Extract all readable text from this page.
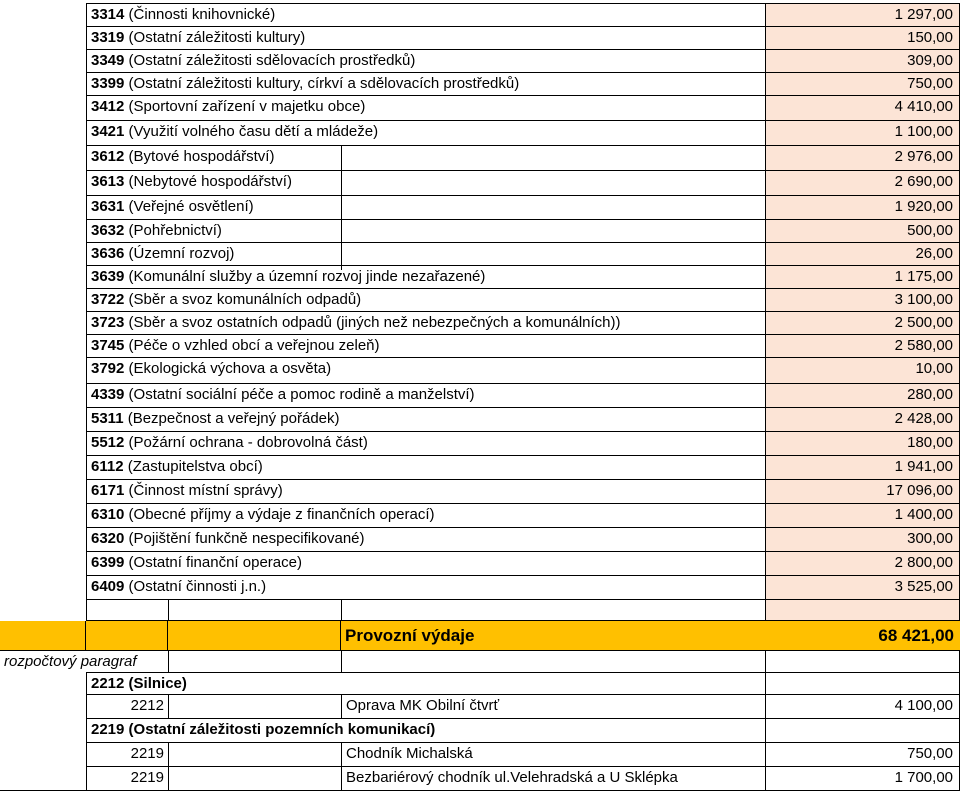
3314 (Činnosti knihovnické)	1 297,00
3319 (Ostatní záležitosti kultury)	150,00
3349 (Ostatní záležitosti sdělovacích prostředků)	309,00
3399 (Ostatní záležitosti kultury, církví a sdělovacích prostředků)	750,00
3412 (Sportovní zařízení v majetku obce)	4 410,00
3421 (Využití volného času dětí a mládeže)	1 100,00
3612 (Bytové hospodářství)	2 976,00
3613 (Nebytové hospodářství)	2 690,00
3631 (Veřejné osvětlení)	1 920,00
3632 (Pohřebnictví)	500,00
3636 (Územní rozvoj)	26,00
3639 (Komunální služby a územní rozvoj jinde nezařazené)	1 175,00
3722 (Sběr a svoz komunálních odpadů)	3 100,00
3723 (Sběr a svoz ostatních odpadů (jiných než nebezpečných a komunálních))	2 500,00
3745 (Péče o vzhled obcí a veřejnou zeleň)	2 580,00
3792 (Ekologická výchova a osvěta)	10,00
4339 (Ostatní sociální péče a pomoc rodině a manželství)	280,00
5311 (Bezpečnost a veřejný pořádek)	2 428,00
5512 (Požární ochrana - dobrovolná část)	180,00
6112 (Zastupitelstva obcí)	1 941,00
6171 (Činnost místní správy)	17 096,00
6310 (Obecné příjmy a výdaje z finančních operací)	1 400,00
6320 (Pojištění funkčně nespecifikované)	300,00
6399 (Ostatní finanční operace)	2 800,00
6409 (Ostatní činnosti j.n.)	3 525,00
Provozní výdaje	68 421,00
rozpočtový paragraf
2212 (Silnice)
2212	Oprava MK Obilní čtvrť	4 100,00
2219 (Ostatní záležitosti pozemních komunikací)
2219	Chodník Michalská	750,00
2219	Bezbariérový chodník ul.Velehradská a U Sklépka	1 700,00
